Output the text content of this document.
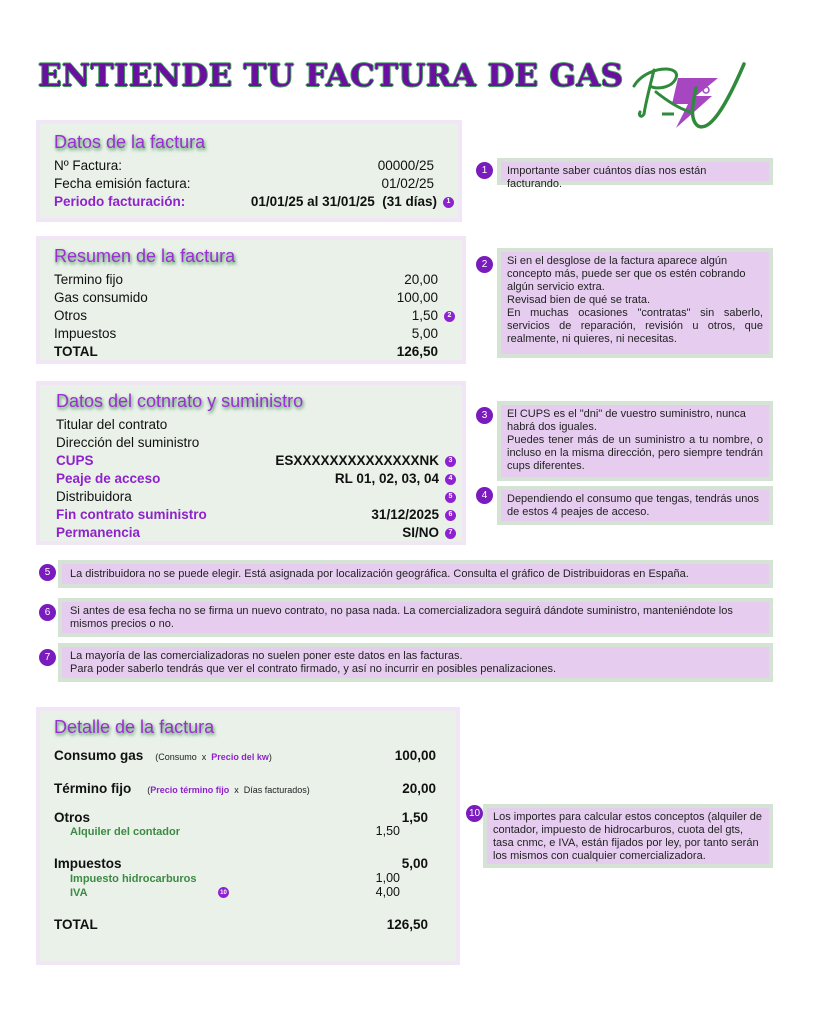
ENTIENDE TU FACTURA DE GAS
Datos de la factura
Nº Factura:	00000/25
Fecha emisión factura:	01/02/25
Periodo facturación:	01/01/25 al 31/01/25  (31 días)	1
Resumen de la factura
Termino fijo	20,00
Gas consumido	100,00
Otros	1,50	2
Impuestos	5,00
TOTAL	126,50
Datos del cotnrato y suministro
Titular del contrato
Dirección del suministro
CUPS	ESXXXXXXXXXXXXXXNK	3
Peaje de acceso	RL 01, 02, 03, 04	4
Distribuidora	5
Fin contrato suministro	31/12/2025	6
Permanencia	SI/NO	7
Detalle de la factura
Consumo gas (Consumo  x  Precio del kw)	100,00
Término fijo (Precio término fijo  x  Días facturados)	20,00
Otros	1,50
Alquiler del contador	1,50
Impuestos	5,00
Impuesto hidrocarburos	1,00
IVA	10	4,00
TOTAL	126,50
1	Importante saber cuántos días nos están facturando.

2	Si en el desglose de la factura aparece algún concepto más, puede ser que os estén cobrando algún servicio extra.

Revisad bien de qué se trata.

En muchas ocasiones "contratas" sin saberlo, servicios de reparación, revisión u otros, que realmente, ni quieres, ni necesitas.

3	El CUPS es el "dni" de vuestro suministro, nunca habrá dos iguales.

Puedes tener más de un suministro a tu nombre, o incluso en la misma dirección, pero siempre tendrán cups diferentes.

4	Dependiendo el consumo que tengas, tendrás unos de estos 4 peajes de acceso.

5	La distribuidora no se puede elegir. Está asignada por localización geográfica. Consulta el gráfico de Distribuidoras en España.

6	Si antes de esa fecha no se firma un nuevo contrato, no pasa nada. La comercializadora seguirá dándote suministro, manteniéndote los mismos precios o no.

7	La mayoría de las comercializadoras no suelen poner este datos en las facturas.

Para poder saberlo tendrás que ver el contrato firmado, y así no incurrir en posibles penalizaciones.

10 Los importes para calcular estos conceptos (alquiler de contador, impuesto de hidrocarburos, cuota del gts, tasa cnmc, e IVA, están fijados por ley, por tanto serán los mismos con cualquier comercializadora.
